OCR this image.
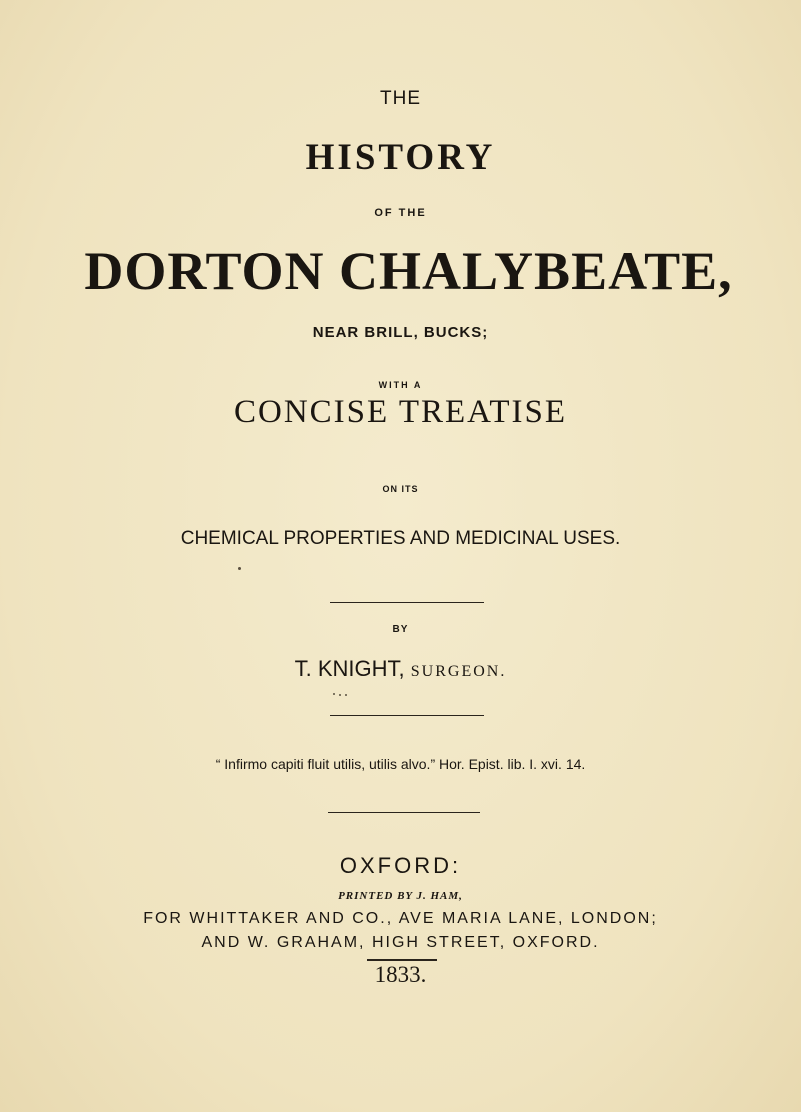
THE
HISTORY
OF THE
DORTON CHALYBEATE,
NEAR BRILL, BUCKS;
WITH A
CONCISE TREATISE
ON ITS
CHEMICAL PROPERTIES AND MEDICINAL USES.
BY
T. KNIGHT, SURGEON.
“ Infirmo capiti fluit utilis, utilis alvo.” Hor. Epist. lib. I. xvi. 14.
OXFORD:
PRINTED BY J. HAM,
FOR WHITTAKER AND CO., AVE MARIA LANE, LONDON;
AND W. GRAHAM, HIGH STREET, OXFORD.
1833.
